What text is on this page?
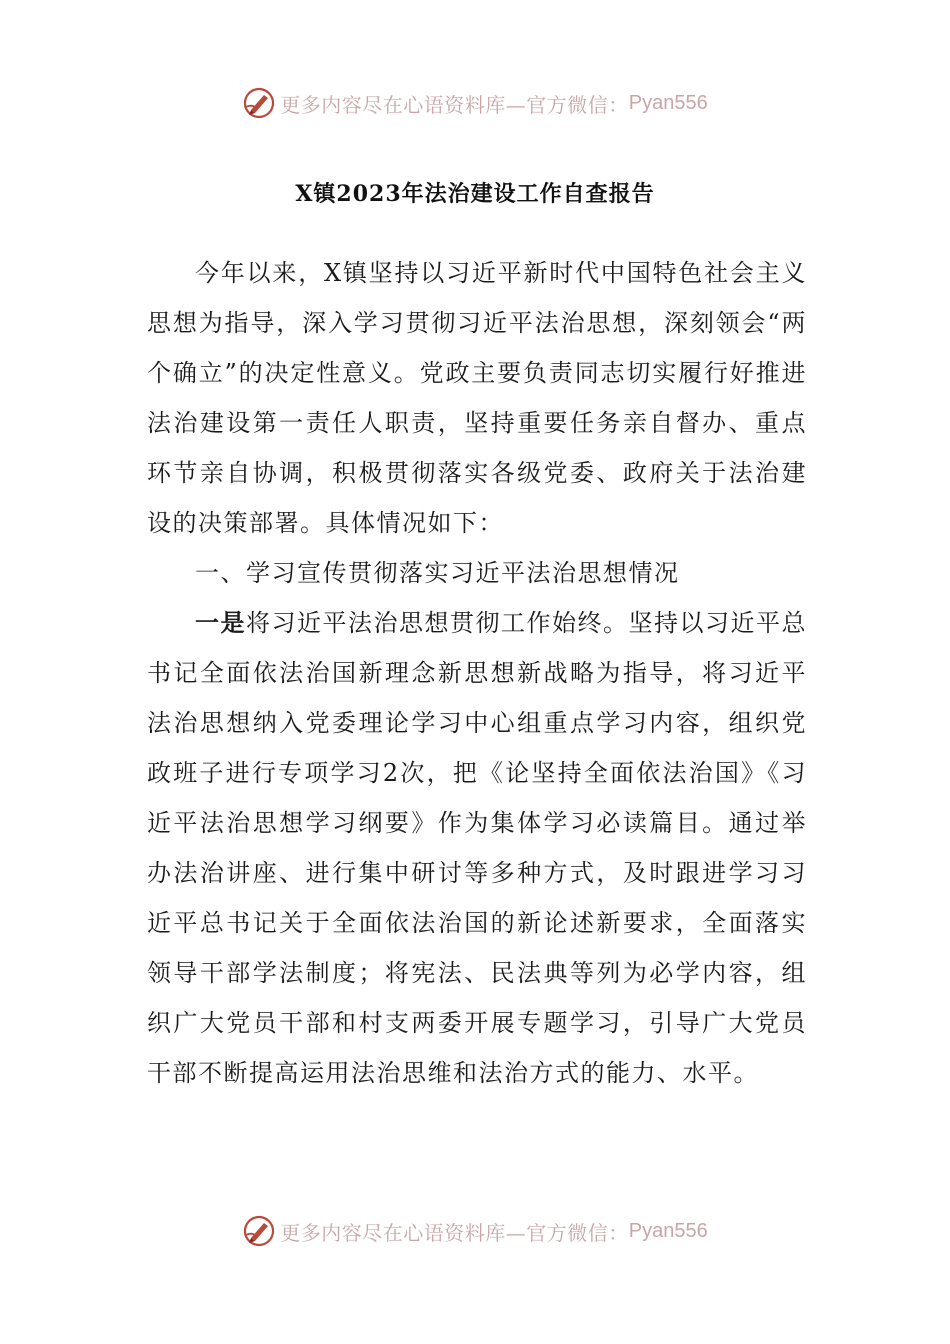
更多内容尽在心语资料库—官方微信： Pyan556
X镇2023年法治建设工作自查报告

今年以来，X镇坚持以习近平新时代中国特色社会主义思想为指导，深入学习贯彻习近平法治思想，深刻领会“两个确立”的决定性意义。党政主要负责同志切实履行好推进法治建设第一责任人职责，坚持重要任务亲自督办、重点环节亲自协调，积极贯彻落实各级党委、政府关于法治建设的决策部署。具体情况如下：

一、学习宣传贯彻落实习近平法治思想情况

一是将习近平法治思想贯彻工作始终。坚持以习近平总书记全面依法治国新理念新思想新战略为指导，将习近平法治思想纳入党委理论学习中心组重点学习内容，组织党政班子进行专项学习2次，把《论坚持全面依法治国》《习近平法治思想学习纲要》作为集体学习必读篇目。通过举办法治讲座、进行集中研讨等多种方式，及时跟进学习习近平总书记关于全面依法治国的新论述新要求，全面落实领导干部学法制度；将宪法、民法典等列为必学内容，组织广大党员干部和村支两委开展专题学习，引导广大党员干部不断提高运用法治思维和法治方式的能力、水平。

更多内容尽在心语资料库—官方微信： Pyan556
